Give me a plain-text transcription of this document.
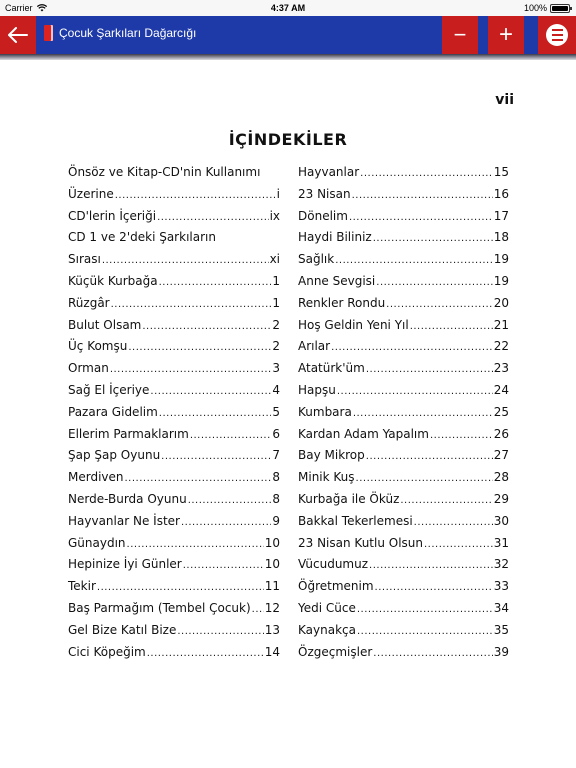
Carrier	4:37 AM	100%
Çocuk Şarkıları Dağarcığı	− +
vii
İÇİNDEKİLER
Önsöz ve Kitap-CD'nin Kullanımı
Üzerine .....	i
CD'lerin İçeriği .....	ix
CD 1 ve 2'deki Şarkıların
Sırası .....	xi
Küçük Kurbağa .....	1
Rüzgâr .....	1
Bulut Olsam .....	2
Üç Komşu .....	2
Orman .....	3
Sağ El İçeriye .....	4
Pazara Gidelim .....	5
Ellerim Parmaklarım .....	6
Şap Şap Oyunu .....	7
Merdiven .....	8
Nerde-Burda Oyunu .....	8
Hayvanlar Ne İster .....	9
Günaydın .....	10
Hepinize İyi Günler .....	10
Tekir .....	11
Baş Parmağım (Tembel Çocuk) ..... 12
Gel Bize Katıl Bize .....	13
Cici Köpeğim .....	14
Hayvanlar .....	15
23 Nisan .....	16
Dönelim .....	17
Haydi Biliniz .....	18
Sağlık .....	19
Anne Sevgisi .....	19
Renkler Rondu .....	20
Hoş Geldin Yeni Yıl .....	21
Arılar .....	22
Atatürk'üm .....	23
Hapşu .....	24
Kumbara .....	25
Kardan Adam Yapalım .....	26
Bay Mikrop .....	27
Minik Kuş .....	28
Kurbağa ile Öküz .....	29
Bakkal Tekerlemesi .....	30
23 Nisan Kutlu Olsun .....	31
Vücudumuz .....	32
Öğretmenim .....	33
Yedi Cüce .....	34
Kaynakça .....	35
Özgeçmişler .....	39
